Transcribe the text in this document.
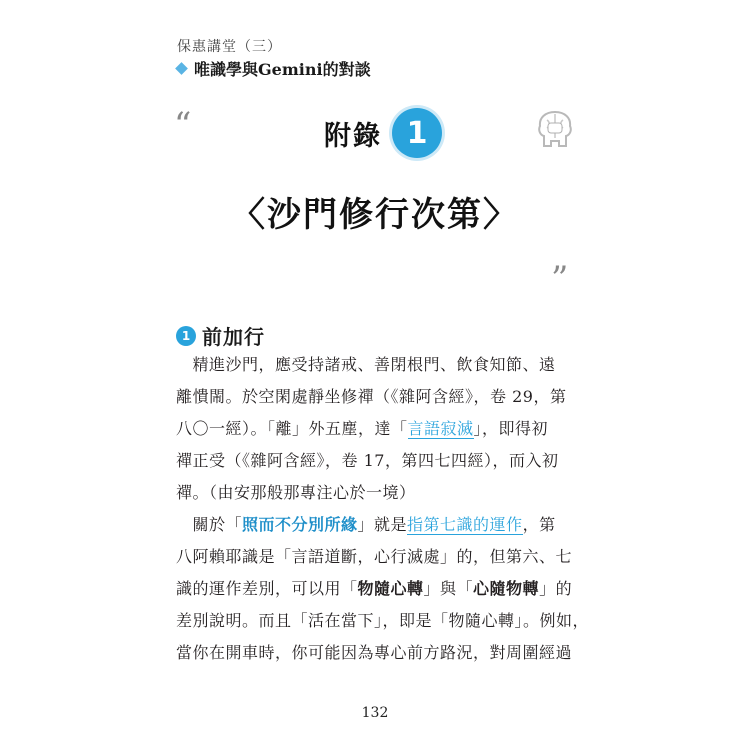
保惠講堂（三）
唯識學與Gemini的對談
“	附錄 1
〈沙門修行次第〉
”
1 前加行
　精進沙門，應受持諸戒、善閉根門、飲食知節、遠
離憒閙。於空閑處靜坐修禪（《雜阿含經》，卷 29，第
八〇一經）。「離」外五塵，達「言語寂滅」，即得初
禪正受（《雜阿含經》，卷 17，第四七四經），而入初
禪。（由安那般那專注心於一境）
　關於「照而不分別所緣」就是指第七識的運作，第
八阿賴耶識是「言語道斷，心行滅處」的，但第六、七
識的運作差別，可以用「物隨心轉」與「心隨物轉」的
差別說明。而且「活在當下」，即是「物隨心轉」。例如，
當你在開車時，你可能因為專心前方路況，對周圍經過
132
